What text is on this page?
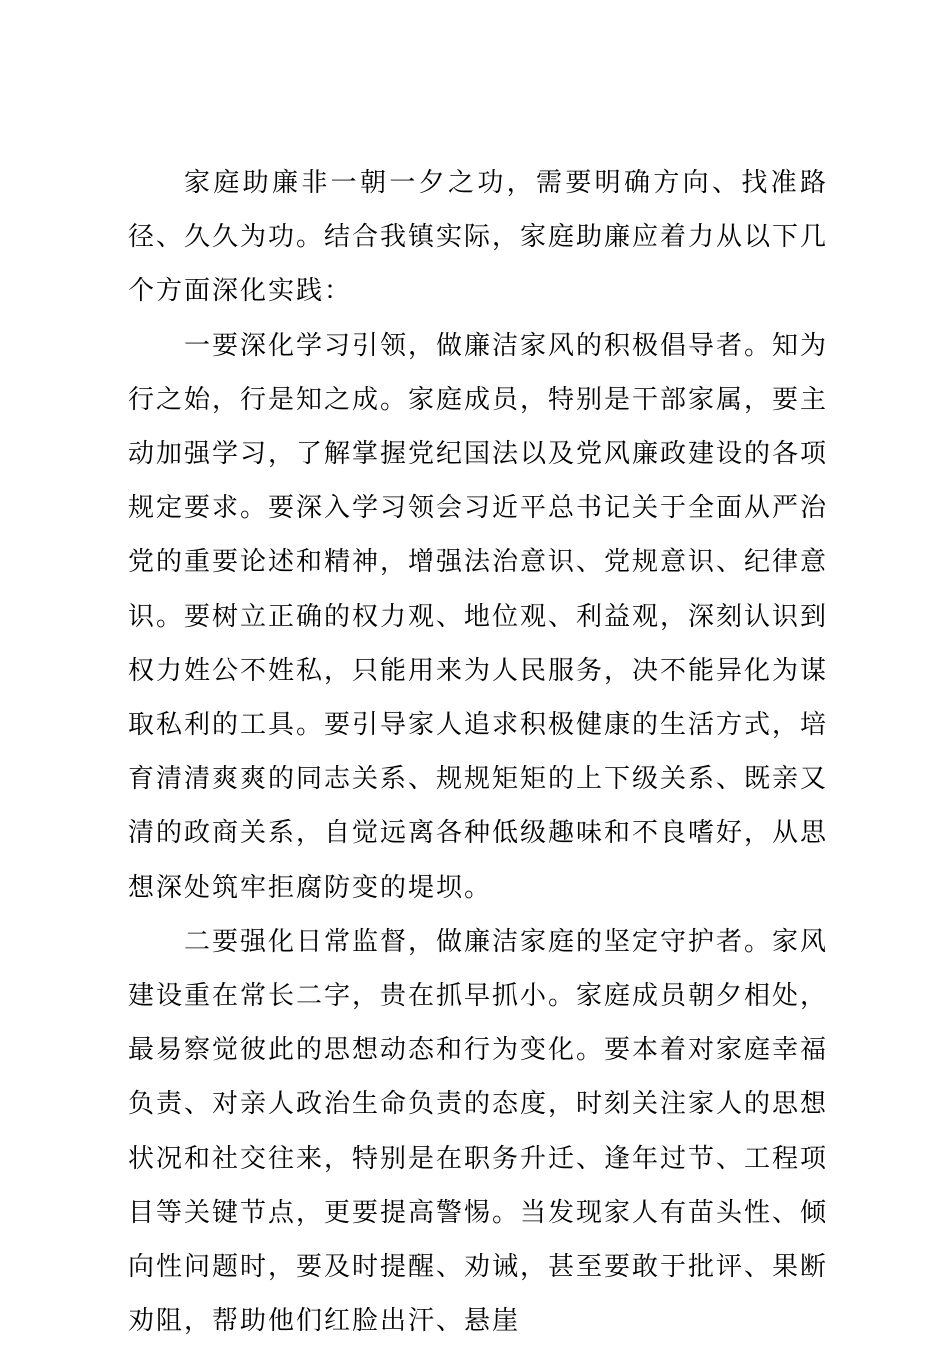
家庭助廉非一朝一夕之功，需要明确方向、找准路径、久久为功。结合我镇实际，家庭助廉应着力从以下几个方面深化实践：

一要深化学习引领，做廉洁家风的积极倡导者。知为行之始，行是知之成。家庭成员，特别是干部家属，要主动加强学习，了解掌握党纪国法以及党风廉政建设的各项规定要求。要深入学习领会习近平总书记关于全面从严治党的重要论述和精神，增强法治意识、党规意识、纪律意识。要树立正确的权力观、地位观、利益观，深刻认识到权力姓公不姓私，只能用来为人民服务，决不能异化为谋取私利的工具。要引导家人追求积极健康的生活方式，培育清清爽爽的同志关系、规规矩矩的上下级关系、既亲又清的政商关系，自觉远离各种低级趣味和不良嗜好，从思想深处筑牢拒腐防变的堤坝。

二要强化日常监督，做廉洁家庭的坚定守护者。家风建设重在常长二字，贵在抓早抓小。家庭成员朝夕相处，最易察觉彼此的思想动态和行为变化。要本着对家庭幸福负责、对亲人政治生命负责的态度，时刻关注家人的思想状况和社交往来，特别是在职务升迁、逢年过节、工程项目等关键节点，更要提高警惕。当发现家人有苗头性、倾向性问题时，要及时提醒、劝诫，甚至要敢于批评、果断劝阻，帮助他们红脸出汗、悬崖
